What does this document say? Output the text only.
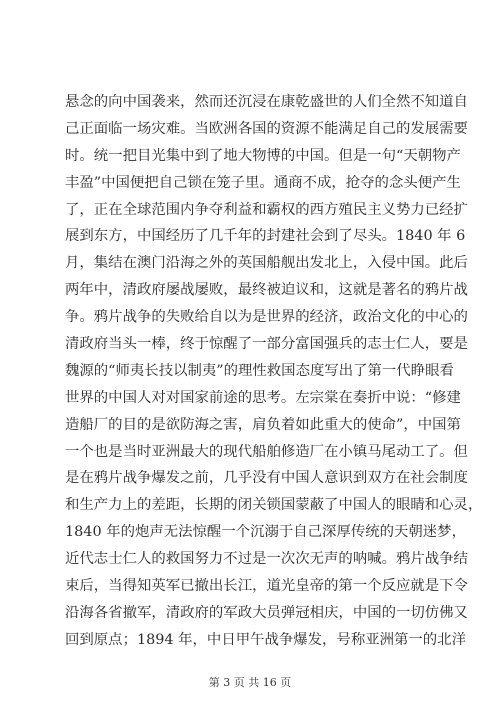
悬念的向中国袭来，然而还沉浸在康乾盛世的人们全然不知道自
己正面临一场灾难。当欧洲各国的资源不能满足自己的发展需要
时。统一把目光集中到了地大物博的中国。但是一句“天朝物产
丰盈”中国便把自己锁在笼子里。通商不成，抢夺的念头便产生
了，正在全球范围内争夺利益和霸权的西方殖民主义势力已经扩
展到东方，中国经历了几千年的封建社会到了尽头。1840 年 6
月，集结在澳门沿海之外的英国船舰出发北上，入侵中国。此后
两年中，清政府屡战屡败，最终被迫议和，这就是著名的鸦片战
争。鸦片战争的失败给自以为是世界的经济，政治文化的中心的
清政府当头一棒，终于惊醒了一部分富国强兵的志士仁人，要是
魏源的“师夷长技以制夷”的理性救国态度写出了第一代睁眼看
世界的中国人对对国家前途的思考。左宗棠在奏折中说：“修建
造船厂的目的是欲防海之害，肩负着如此重大的使命”，中国第
一个也是当时亚洲最大的现代船舶修造厂在小镇马尾动工了。但
是在鸦片战争爆发之前，几乎没有中国人意识到双方在社会制度
和生产力上的差距，长期的闭关锁国蒙蔽了中国人的眼睛和心灵，
1840 年的炮声无法惊醒一个沉溺于自己深厚传统的天朝迷梦，
近代志士仁人的救国努力不过是一次次无声的呐喊。鸦片战争结
束后，当得知英军已撤出长江，道光皇帝的第一个反应就是下令
沿海各省撤军，清政府的军政大员弹冠相庆，中国的一切仿佛又
回到原点；1894 年，中日甲午战争爆发，号称亚洲第一的北洋
第 3 页 共 16 页
